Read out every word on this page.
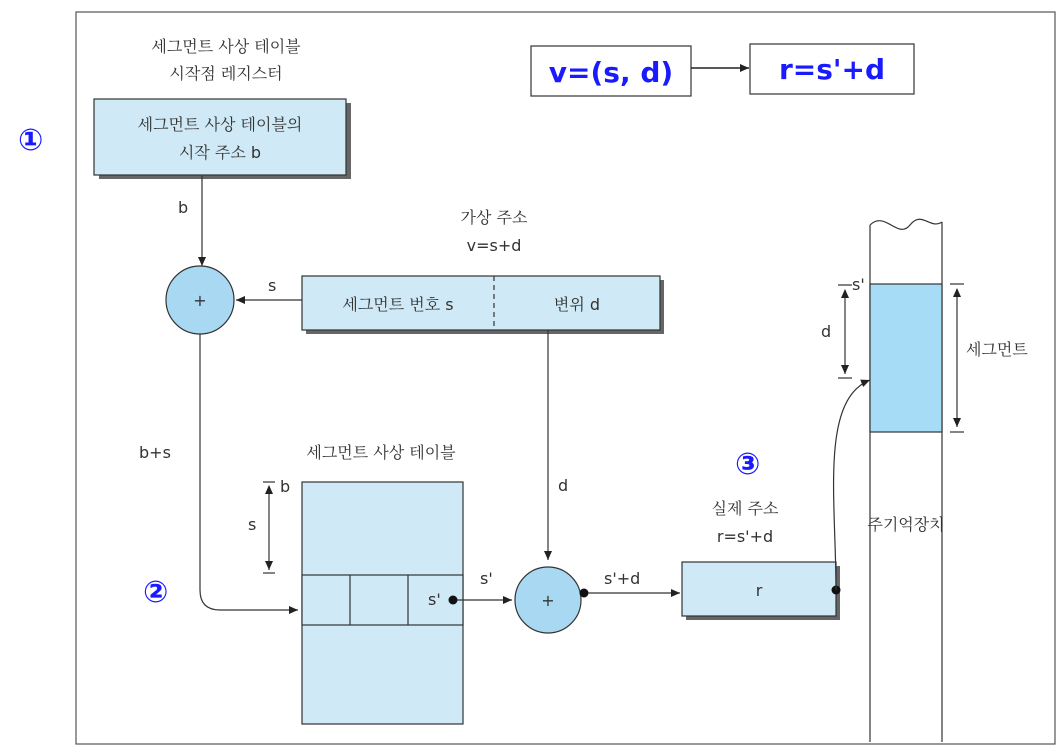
①
②
③
v=(s, d)	r=s'+d
세그먼트 사상 테이블
시작점 레지스터
세그먼트 사상 테이블의
시작 주소 b
b
+
가상 주소
v=s+d
세그먼트 번호 s	변위 d
s
b+s
d
세그먼트 사상 테이블
s'
b
s
s'
+
s'+d
실제 주소
r=s'+d
r
s'
d
세그먼트
주기억장치
